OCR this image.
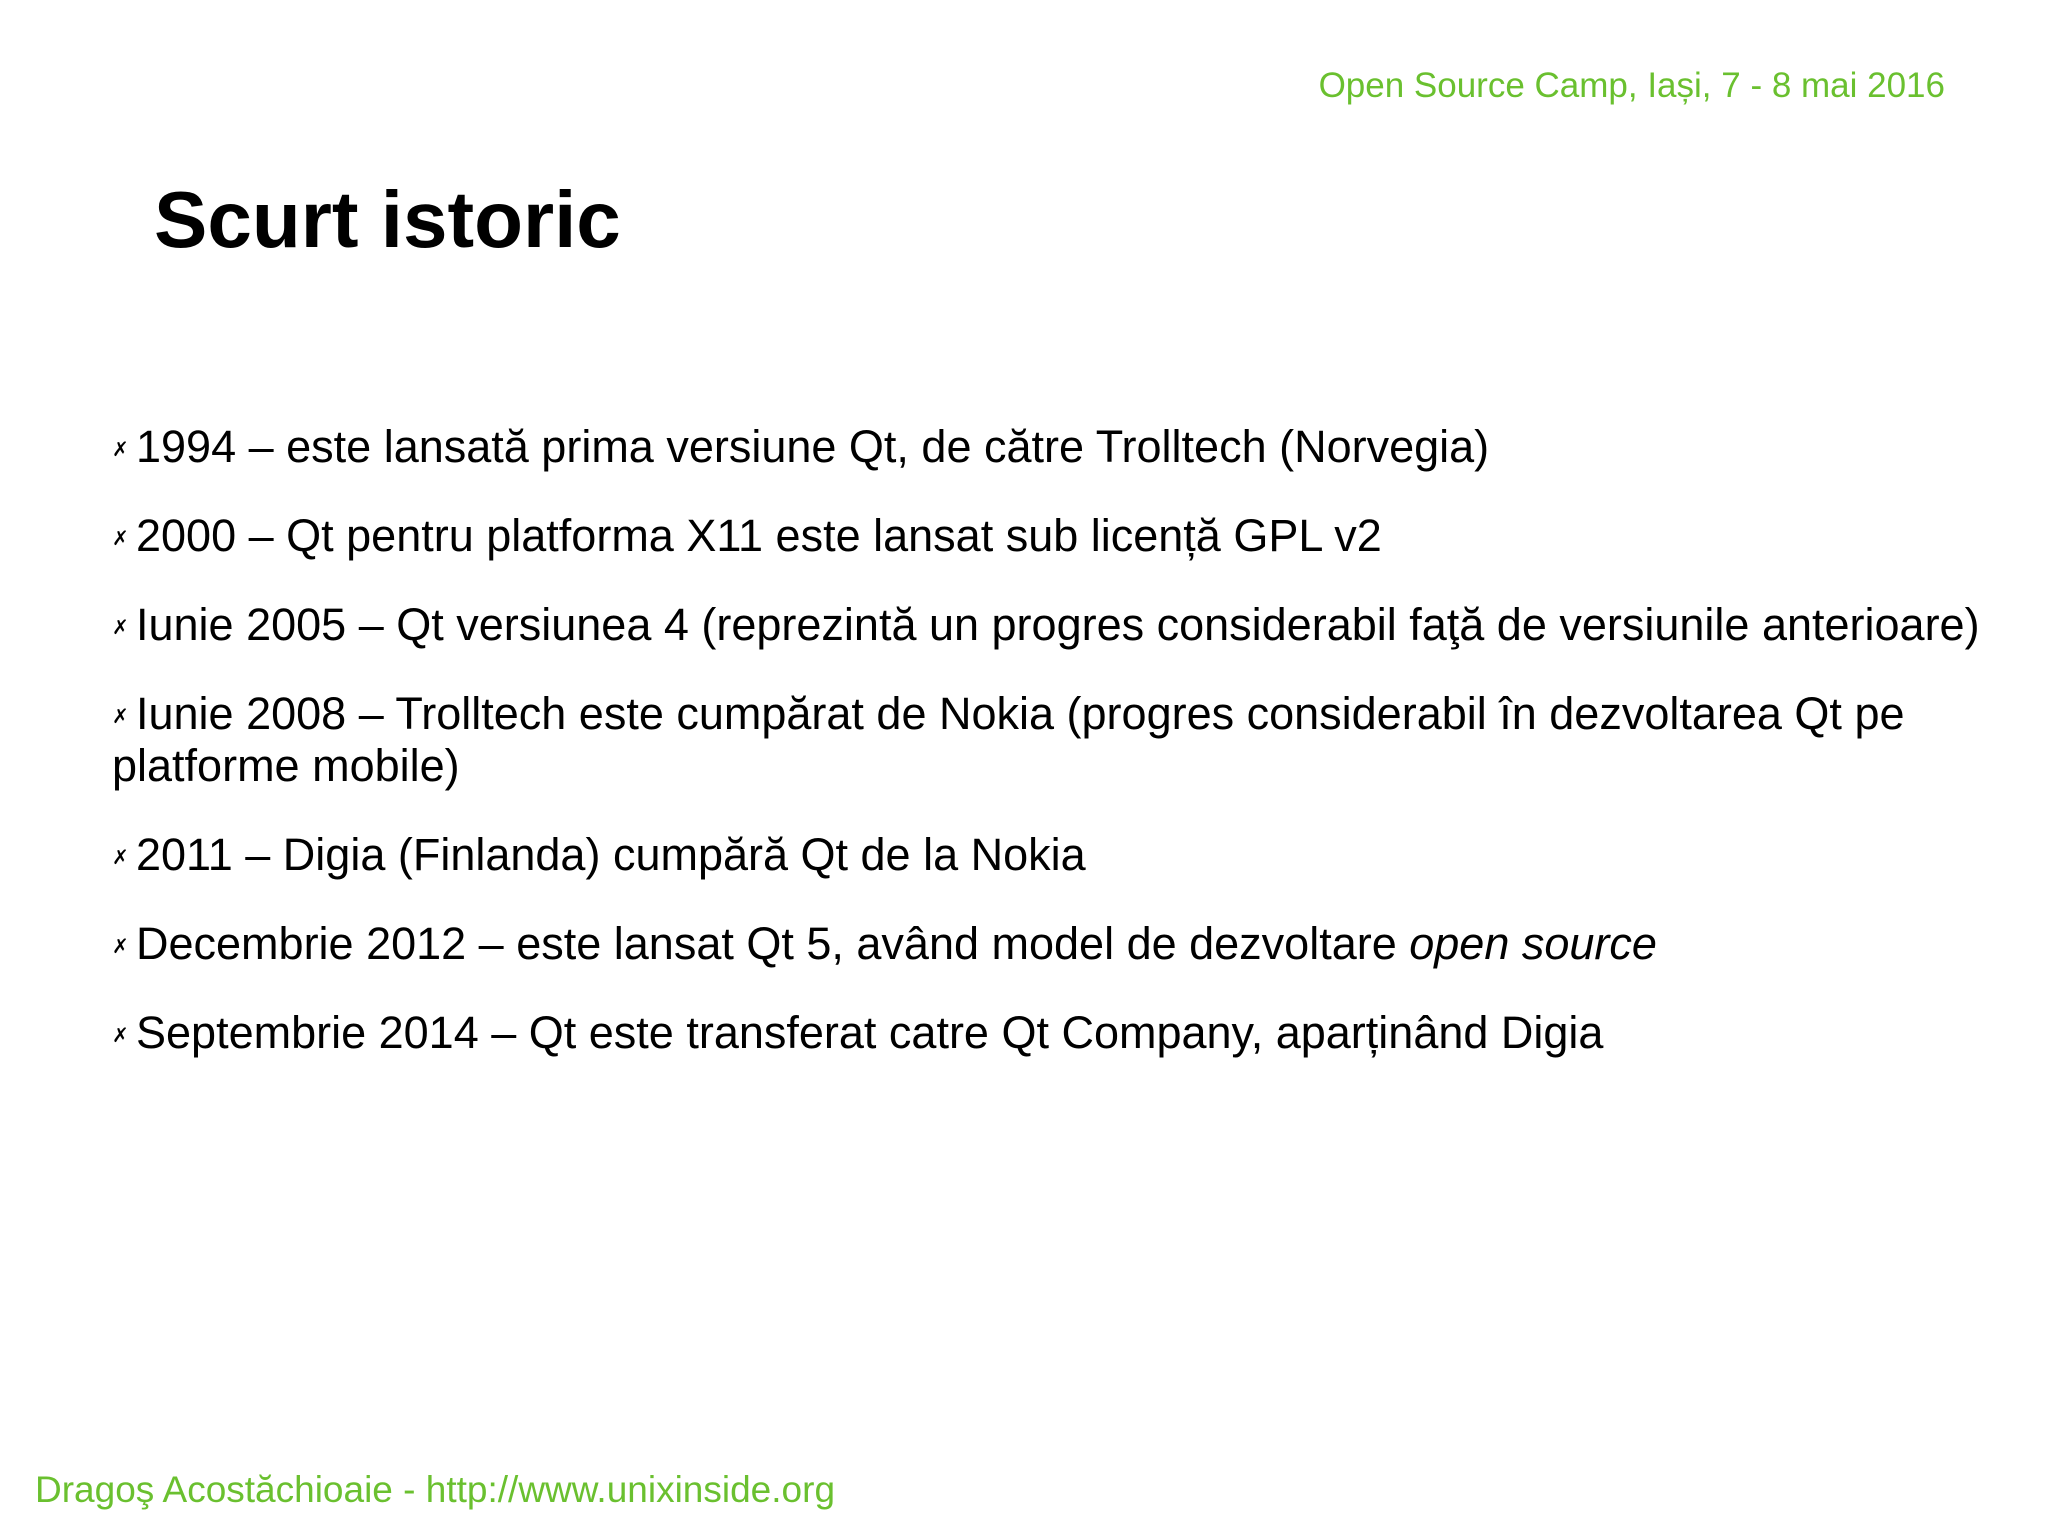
Open Source Camp, Iași, 7 - 8 mai 2016
Scurt istoric
✗ 1994 – este lansată prima versiune Qt, de către Trolltech (Norvegia)
✗ 2000 – Qt pentru platforma X11 este lansat sub licență GPL v2
✗ Iunie 2005 – Qt versiunea 4 (reprezintă un progres considerabil faţă de versiunile anterioare)
✗ Iunie 2008 – Trolltech este cumpărat de Nokia (progres considerabil în dezvoltarea Qt pe platforme mobile)
✗ 2011 – Digia (Finlanda) cumpără Qt de la Nokia
✗ Decembrie 2012 – este lansat Qt 5, având model de dezvoltare open source
✗ Septembrie 2014 – Qt este transferat catre Qt Company, aparținând Digia
Dragoş Acostăchioaie - http://www.unixinside.org
